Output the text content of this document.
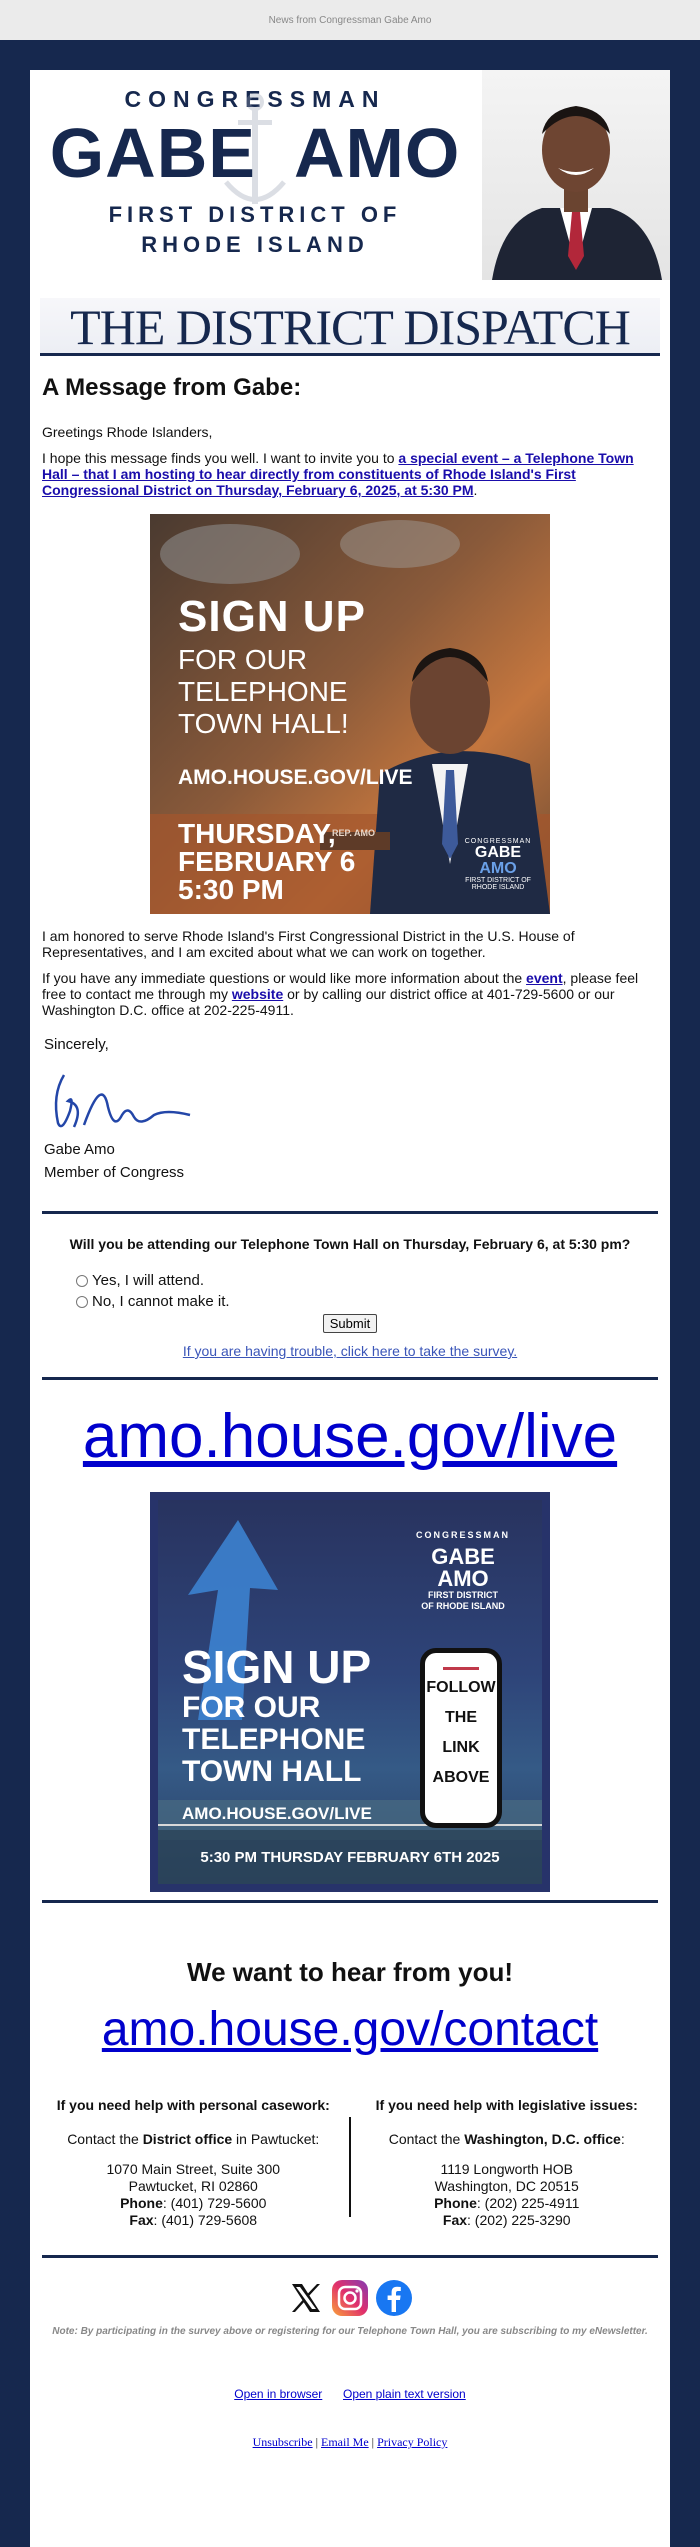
News from Congressman Gabe Amo
CONGRESSMAN
GABE AMO
FIRST DISTRICT OF
RHODE ISLAND
THE DISTRICT DISPATCH
A Message from Gabe:

Greetings Rhode Islanders,

I hope this message finds you well. I want to invite you to a special event – a Telephone Town Hall – that I am hosting to hear directly from constituents of Rhode Island's First Congressional District on Thursday, February 6, 2025, at 5:30 PM.

SIGN UP
FOR OUR
TELEPHONE
TOWN HALL!
AMO.HOUSE.GOV/LIVE
THURSDAY,
FEBRUARY 6
5:30 PM
REP. AMO
CONGRESSMAN
GABE
AMO
FIRST DISTRICT OF RHODE ISLAND

I am honored to serve Rhode Island's First Congressional District in the U.S. House of Representatives, and I am excited about what we can work on together.

If you have any immediate questions or would like more information about the event, please feel free to contact me through my website or by calling our district office at 401-729-5600 or our Washington D.C. office at 202-225-4911.

Sincerely,
Gabe Amo
Member of Congress
Will you be attending our Telephone Town Hall on Thursday, February 6, at 5:30 pm?
Yes, I will attend.
No, I cannot make it.
Submit
If you are having trouble, click here to take the survey.
amo.house.gov/live
CONGRESSMAN
GABE
AMO
FIRST DISTRICT
OF RHODE ISLAND
SIGN UP
FOR OUR
TELEPHONE
TOWN HALL
AMO.HOUSE.GOV/LIVE
FOLLOW
THE
LINK
ABOVE
5:30 PM THURSDAY FEBRUARY 6TH 2025
We want to hear from you!
amo.house.gov/contact
If you need help with personal casework:

Contact the District office in Pawtucket:

1070 Main Street, Suite 300
Pawtucket, RI 02860
Phone: (401) 729-5600
Fax: (401) 729-5608
If you need help with legislative issues:

Contact the Washington, D.C. office:

1119 Longworth HOB
Washington, DC 20515
Phone: (202) 225-4911
Fax: (202) 225-3290
Note: By participating in the survey above or registering for our Telephone Town Hall, you are subscribing to my eNewsletter.
Open in browser Open plain text version
Unsubscribe | Email Me | Privacy Policy
